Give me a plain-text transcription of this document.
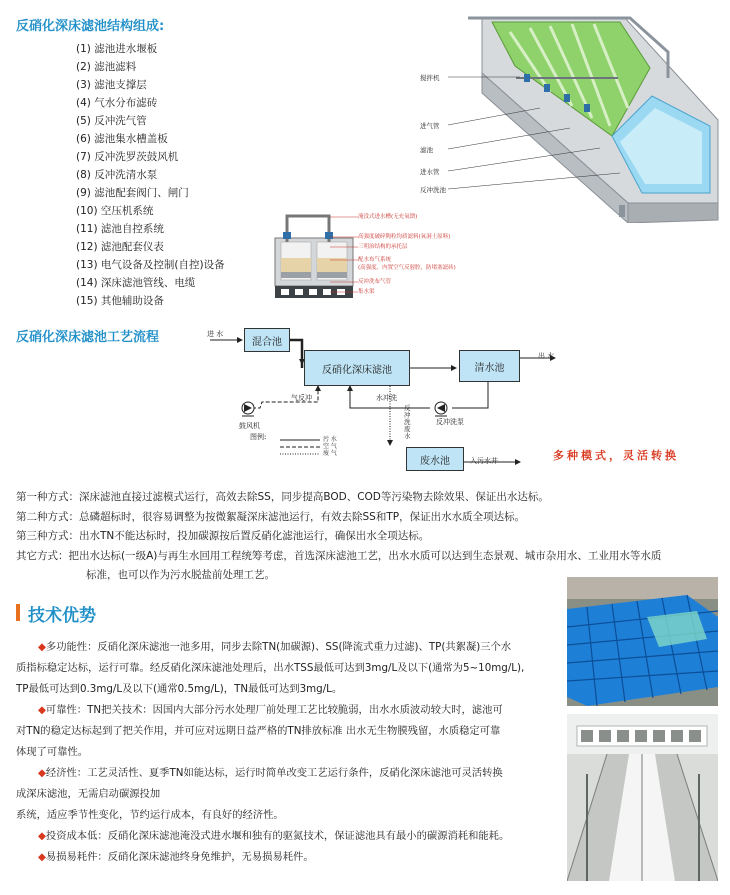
反硝化深床滤池结构组成:
(1) 滤池进水堰板
(2) 滤池滤料
(3) 滤池支撑层
(4) 气水分布滤砖
(5) 反冲洗气管
(6) 滤池集水槽盖板
(7) 反冲洗罗茨鼓风机
(8) 反冲洗清水泵
(9) 滤池配套阀门、闸门
(10) 空压机系统
(11) 滤池自控系统
(12) 滤池配套仪表
(13) 电气设备及控制(自控)设备
(14) 深床滤池管线、电缆
(15) 其他辅助设备
搅拌机
进气管
滤池
进水管
反冲洗池
淹没式进水槽(无充氧馈)
高强度破碎陶粒均质滤料(氧洞土原料)
三明治结构的承托层
配水布气系统
(高强度、内置空气反射腔，防堵塞滤砖)
反冲洗布气管
集水渠
反硝化深床滤池工艺流程	进 水
混合池
反硝化深床滤池	清水池
出 水
气反冲	水冲洗
鼓风机	反冲洗泵
反
冲
洗
废
水
图例:	污 水
空 气
废 气
废水池	入污水井	多种模式，灵活转换
第一种方式：深床滤池直接过滤模式运行，高效去除SS，同步提高BOD、COD等污染物去除效果、保证出水达标。
第二种方式：总磷超标时，很容易调整为按微絮凝深床滤池运行，有效去除SS和TP，保证出水水质全项达标。
第三种方式：出水TN不能达标时，投加碳源按后置反硝化滤池运行，确保出水全项达标。
其它方式：把出水达标(一级A)与再生水回用工程统筹考虑，首选深床滤池工艺，出水水质可以达到生态景观、城市杂用水、工业用水等水质
标准，也可以作为污水脱盐前处理工艺。
技术优势
◆多功能性：反硝化深床滤池一池多用，同步去除TN(加碳源)、SS(降流式重力过滤)、TP(共絮凝)三个水
质指标稳定达标，运行可靠。经反硝化深床滤池处理后，出水TSS最低可达到3mg/L及以下(通常为5~10mg/L),
TP最低可达到0.3mg/L及以下(通常0.5mg/L)，TN最低可达到3mg/L。
◆可靠性：TN把关技术：因国内大部分污水处理厂前处理工艺比较脆弱，出水水质波动较大时，滤池可
对TN的稳定达标起到了把关作用，并可应对远期日益严格的TN排放标准 出水无生物膜残留，水质稳定可靠
体现了可靠性。
◆经济性：工艺灵活性、夏季TN如能达标，运行时简单改变工艺运行条件，反硝化深床滤池可灵活转换
成深床滤池，无需启动碳源投加
系统，适应季节性变化，节约运行成本，有良好的经济性。
◆投资成本低：反硝化深床滤池淹没式进水堰和独有的驱氮技术，保证滤池具有最小的碳源消耗和能耗。
◆易损易耗件：反硝化深床滤池终身免维护，无易损易耗件。
